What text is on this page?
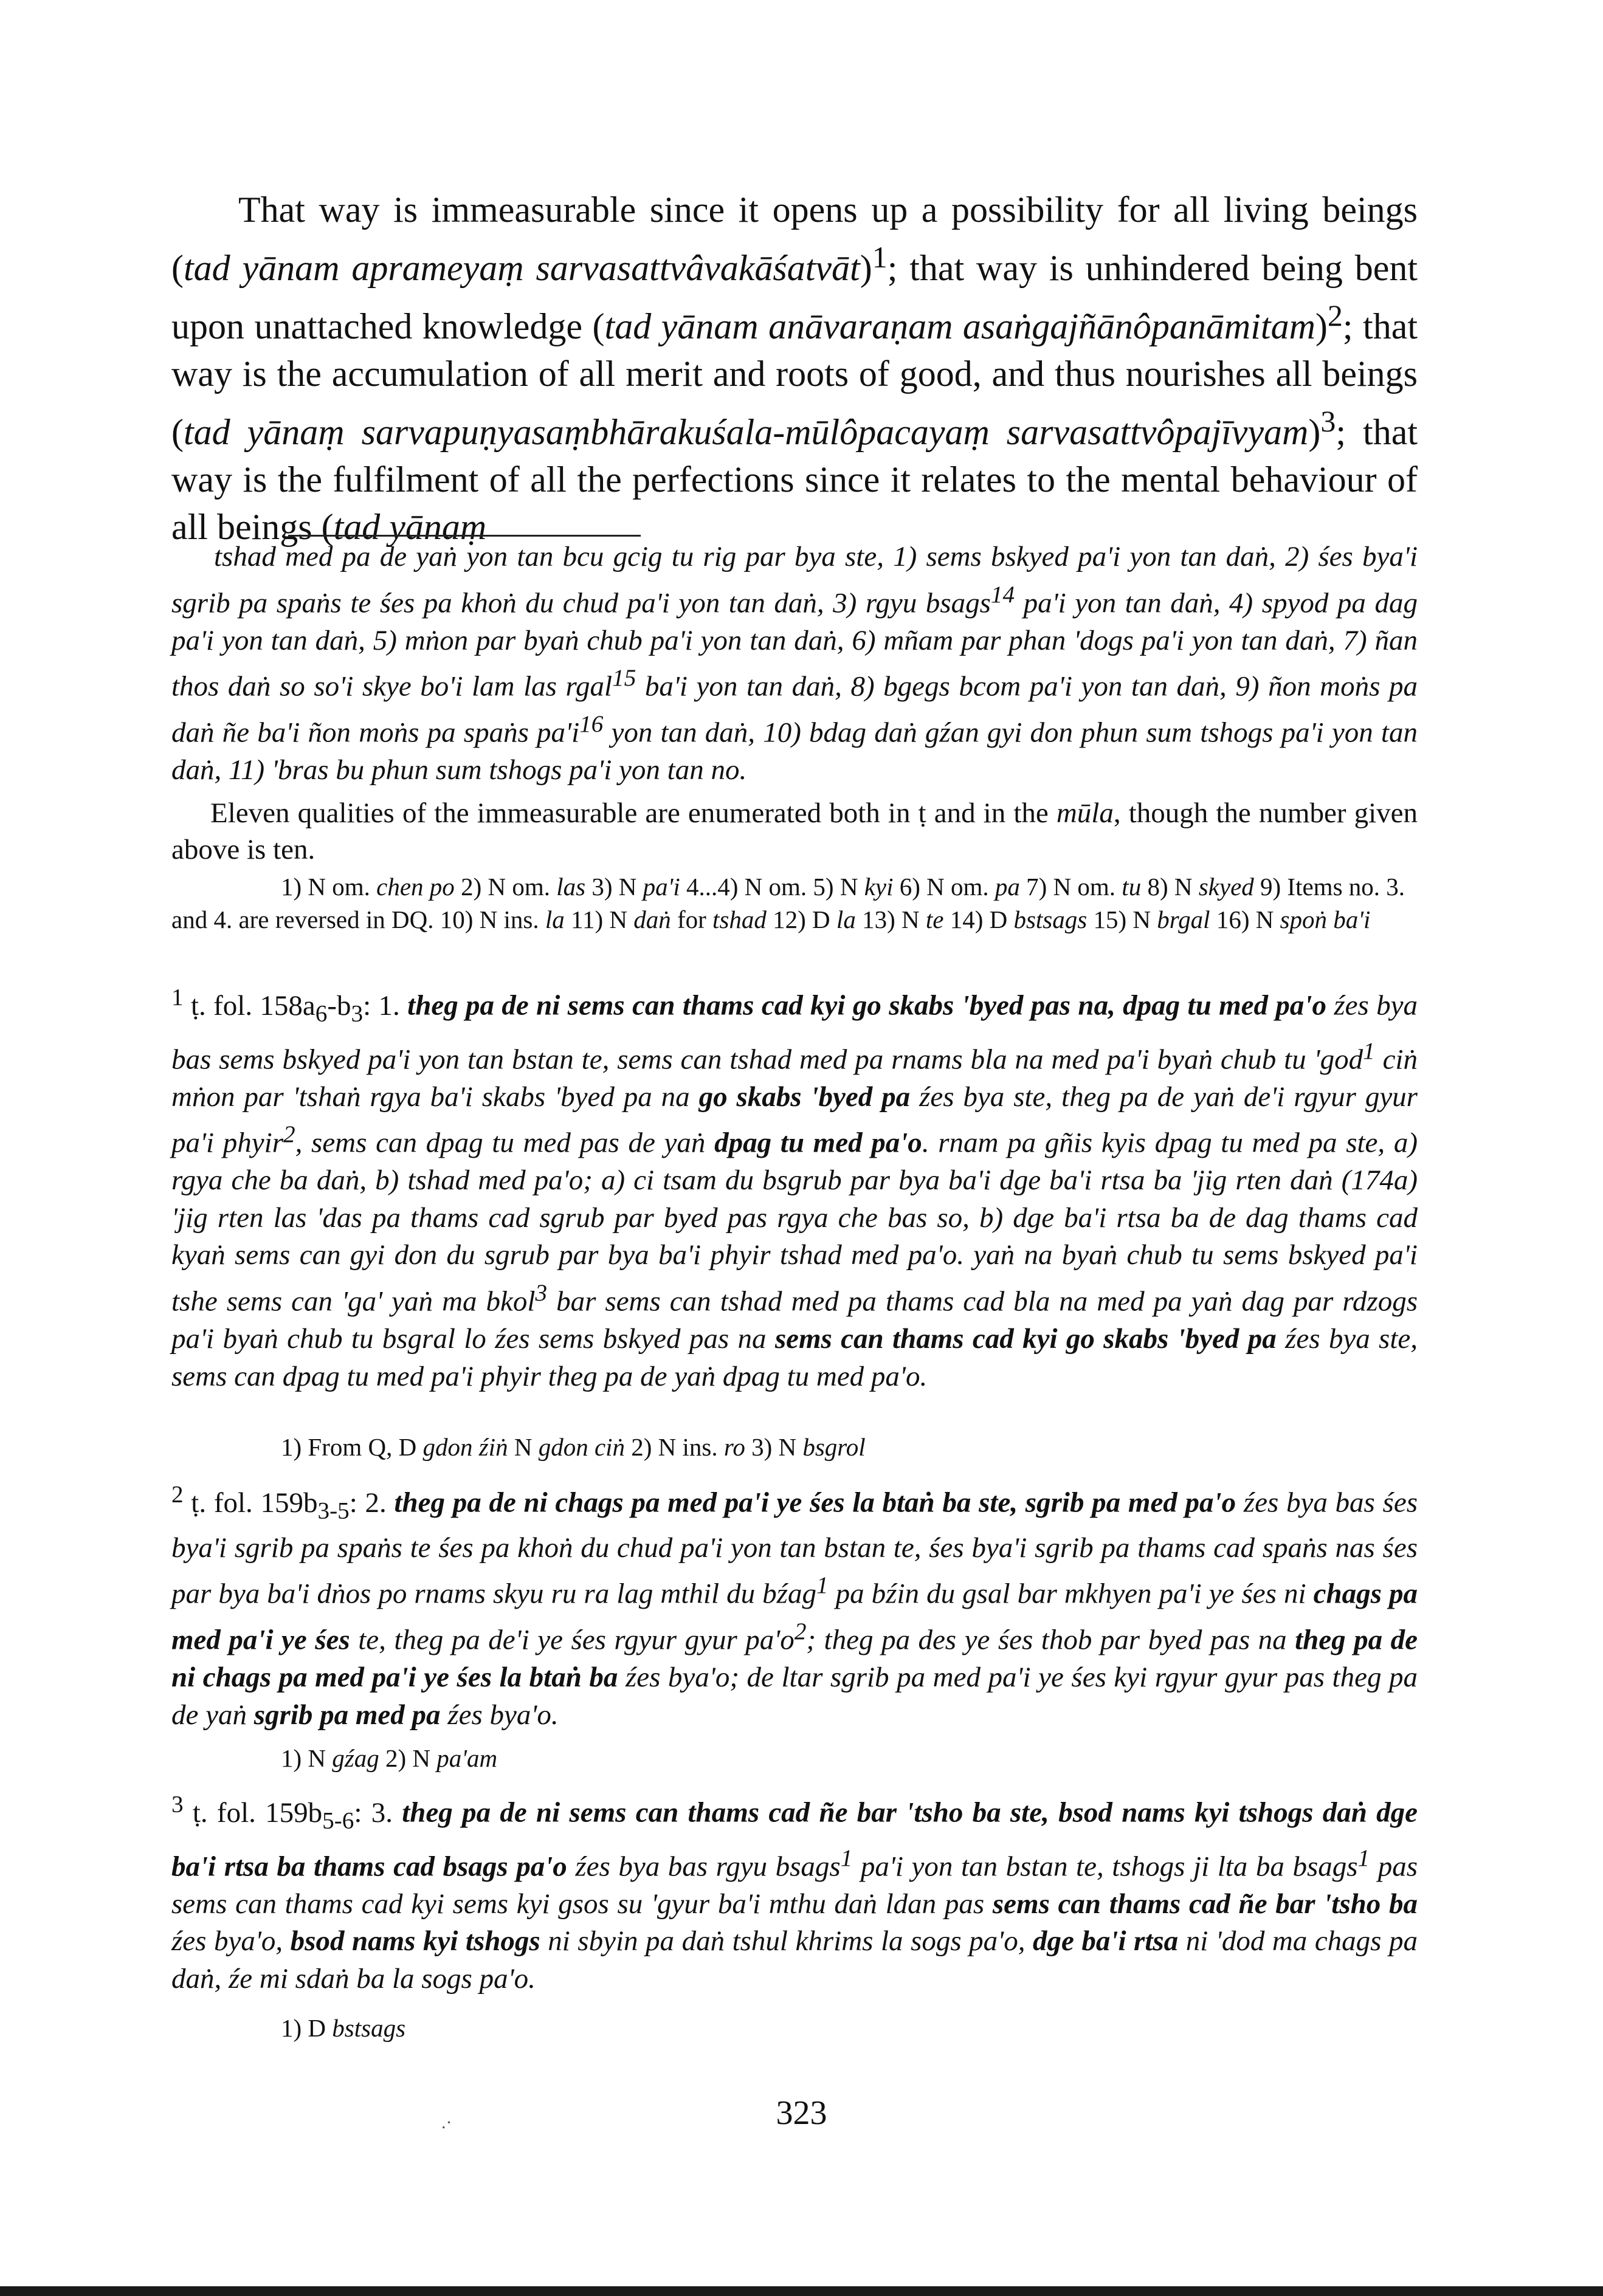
That way is immeasurable since it opens up a possibility for all living beings (tad yānam aprameyaṃ sarvasattvâvakāśatvāt)$^1$; that way is unhindered being bent upon unattached knowledge (tad yānam anāvaraṇam asaṅgajñānôpanāmitam)$^2$; that way is the accumulation of all merit and roots of good, and thus nourishes all beings (tad yānaṃ sarvapuṇyasaṃbhārakuśala-mūlôpacayaṃ sarvasattvôpajīvyam)$^3$; that way is the fulfilment of all the perfections since it relates to the mental behaviour of all beings (tad yānaṃ
tshad med pa de yaṅ yon tan bcu gcig tu rig par bya ste, 1) sems bskyed pa'i yon tan daṅ, 2) śes bya'i sgrib pa spaṅs te śes pa khoṅ du chud pa'i yon tan daṅ, 3) rgyu bsags$^{14}$ pa'i yon tan daṅ, 4) spyod pa dag pa'i yon tan daṅ, 5) mṅon par byaṅ chub pa'i yon tan daṅ, 6) mñam par phan 'dogs pa'i yon tan daṅ, 7) ñan thos daṅ so so'i skye bo'i lam las rgal$^{15}$ ba'i yon tan daṅ, 8) bgegs bcom pa'i yon tan daṅ, 9) ñon moṅs pa daṅ ñe ba'i ñon moṅs pa spaṅs $pa'i^{16}$ yon tan daṅ, 10) bdag daṅ gźan gyi don phun sum tshogs pa'i yon tan daṅ, 11) 'bras bu phun sum tshogs pa'i yon tan no.
Eleven qualities of the immeasurable are enumerated both in ṭ and in the mūla, though the number given above is ten.
1) N om. chen po 2) N om. las 3) N pa'i 4...4) N om. 5) N kyi 6) N om. pa 7) N om. tu 8) N skyed 9) Items no. 3. and 4. are reversed in DQ. 10) N ins. la 11) N daṅ for tshad 12) D la 13) N te 14) D bstsags 15) N brgal 16) N spoṅ ba'i
$^1$ ṭ. fol. $158a_6-b_3$: 1. theg pa de ni sems can thams cad kyi go skabs 'byed pas na, dpag tu med pa'o źes bya bas sems bskyed pa'i yon tan bstan te, sems can tshad med pa rnams bla na med pa'i byaṅ chub tu 'god$^1$ ciṅ mṅon par 'tshaṅ rgya ba'i skabs 'byed pa na go skabs 'byed pa źes bya ste, theg pa de yaṅ de'i rgyur gyur pa'i phyir$^2$, sems can dpag tu med pas de yaṅ dpag tu med pa'o. rnam pa gñis kyis dpag tu med pa ste, a) rgya che ba daṅ, b) tshad med pa'o; a) ci tsam du bsgrub par bya ba'i dge ba'i rtsa ba 'jig rten daṅ (174a) 'jig rten las 'das pa thams cad sgrub par byed pas rgya che bas so, b) dge ba'i rtsa ba de dag thams cad kyaṅ sems can gyi don du sgrub par bya ba'i phyir tshad med pa'o. yaṅ na byaṅ chub tu sems bskyed pa'i tshe sems can 'ga' yaṅ ma bkol$^3$ bar sems can tshad med pa thams cad bla na med pa yaṅ dag par rdzogs pa'i byaṅ chub tu bsgral lo źes sems bskyed pas na sems can thams cad kyi go skabs 'byed pa źes bya ste, sems can dpag tu med pa'i phyir theg pa de yaṅ dpag tu med pa'o.
1) From Q, D gdon źiṅ N gdon ciṅ 2) N ins. ro 3) N bsgrol
$^2$ ṭ. fol. $159b_{3-5}$: 2. theg pa de ni chags pa med pa'i ye śes la btaṅ ba ste, sgrib pa med pa'o źes bya bas śes bya'i sgrib pa spaṅs te śes pa khoṅ du chud pa'i yon tan bstan te, śes bya'i sgrib pa thams cad spaṅs nas śes par bya ba'i dṅos po rnams skyu ru ra lag mthil du bźag$^1$ pa bźin du gsal bar mkhyen pa'i ye śes ni chags pa med pa'i ye śes te, theg pa de'i ye śes rgyur gyur $pa'o^2$; theg pa des ye śes thob par byed pas na theg pa de ni chags pa med pa'i ye śes la btaṅ ba źes bya'o; de ltar sgrib pa med pa'i ye śes kyi rgyur gyur pas theg pa de yaṅ sgrib pa med pa źes bya'o.
1) N gźag 2) N pa'am
$^3$ ṭ. fol. $159b_{5-6}$: 3. theg pa de ni sems can thams cad ñe bar 'tsho ba ste, bsod nams kyi tshogs daṅ dge ba'i rtsa ba thams cad bsags pa'o źes bya bas rgyu bsags$^1$ pa'i yon tan bstan te, tshogs ji lta ba bsags$^1$ pas sems can thams cad kyi sems kyi gsos su 'gyur ba'i mthu daṅ ldan pas sems can thams cad ñe bar 'tsho ba źes bya'o, bsod nams kyi tshogs ni sbyin pa daṅ tshul khrims la sogs pa'o, dge ba'i rtsa ni 'dod ma chags pa daṅ, źe mi sdaṅ ba la sogs pa'o.
1) D bstsags
323
.·
